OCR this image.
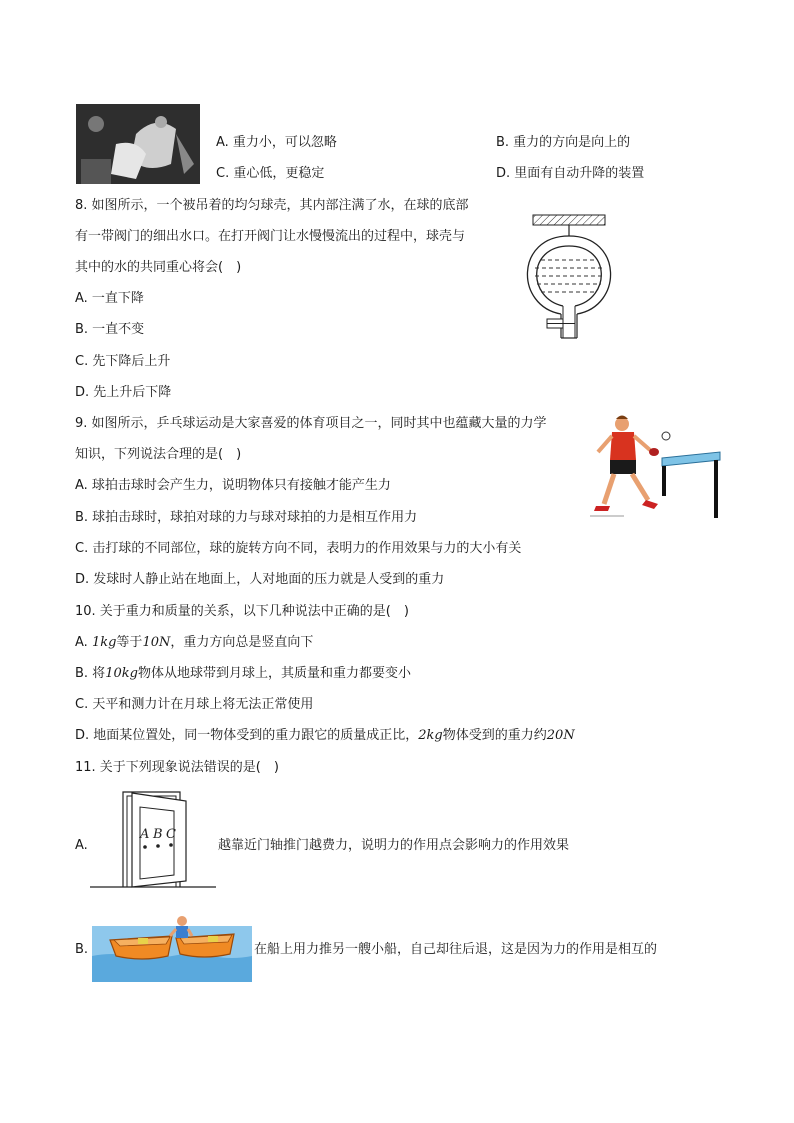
A. 重力小，可以忽略	B. 重力的方向是向上的
C. 重心低，更稳定	D. 里面有自动升降的装置
8. 如图所示，一个被吊着的均匀球壳，其内部注满了水，在球的底部
有一带阀门的细出水口。在打开阀门让水慢慢流出的过程中，球壳与
其中的水的共同重心将会(　)
A. 一直下降
B. 一直不变
C. 先下降后上升
D. 先上升后下降
9. 如图所示，乒乓球运动是大家喜爱的体育项目之一，同时其中也蕴藏大量的力学
知识，下列说法合理的是(　)
A. 球拍击球时会产生力，说明物体只有接触才能产生力
B. 球拍击球时，球拍对球的力与球对球拍的力是相互作用力
C. 击打球的不同部位，球的旋转方向不同，表明力的作用效果与力的大小有关
D. 发球时人静止站在地面上，人对地面的压力就是人受到的重力
10. 关于重力和质量的关系，以下几种说法中正确的是(　)
A. 1kg等于10N，重力方向总是竖直向下
B. 将10kg物体从地球带到月球上，其质量和重力都要变小
C. 天平和测力计在月球上将无法正常使用
D. 地面某位置处，同一物体受到的重力跟它的质量成正比，2kg物体受到的重力约20N
11. 关于下列现象说法错误的是(　)
A.
A B C
越靠近门轴推门越费力，说明力的作用点会影响力的作用效果
B.	在船上用力推另一艘小船，自己却往后退，这是因为力的作用是相互的
